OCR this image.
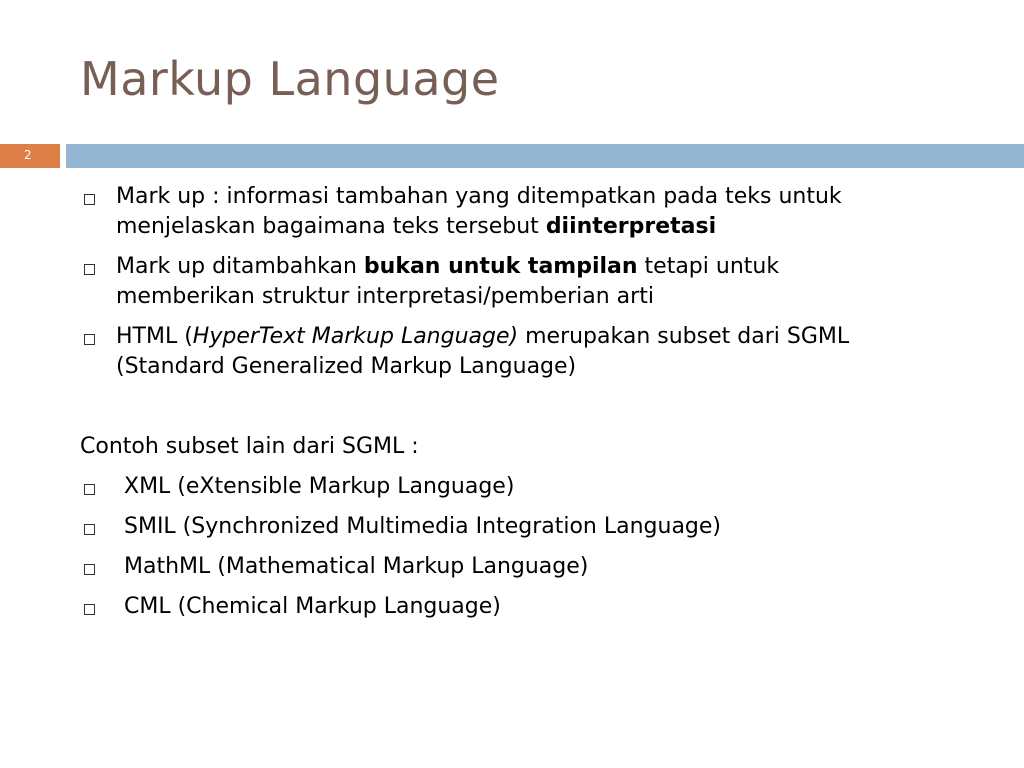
Markup Language
2
Mark up : informasi tambahan yang ditempatkan pada teks untuk
menjelaskan bagaimana teks tersebut diinterpretasi
Mark up ditambahkan bukan untuk tampilan tetapi untuk
memberikan struktur interpretasi/pemberian arti
HTML (HyperText Markup Language) merupakan subset dari SGML
(Standard Generalized Markup Language)
Contoh subset lain dari SGML :
XML (eXtensible Markup Language)
SMIL (Synchronized Multimedia Integration Language)
MathML (Mathematical Markup Language)
CML (Chemical Markup Language)
